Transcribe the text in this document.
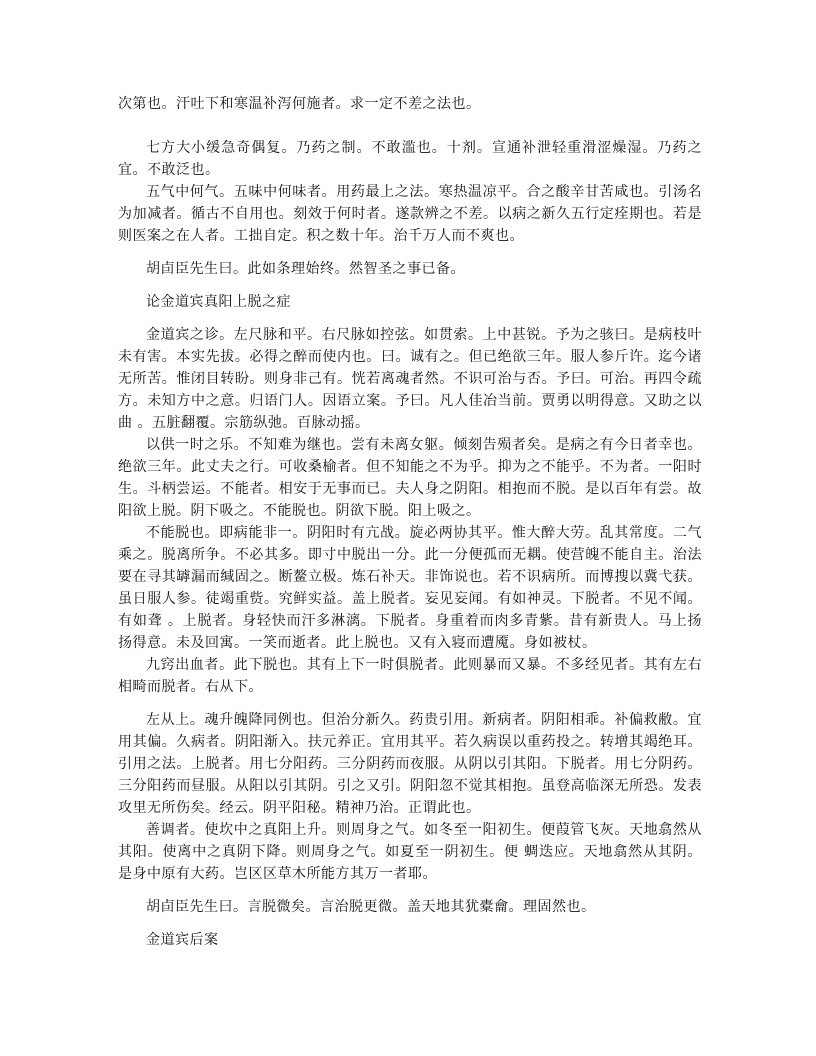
次第也。汗吐下和寒温补泻何施者。求一定不差之法也。

七方大小缓急奇偶复。乃药之制。不敢滥也。十剂。宣通补泄轻重滑涩燥湿。乃药之宜。不敢泛也。

五气中何气。五味中何味者。用药最上之法。寒热温凉平。合之酸辛甘苦咸也。引汤名为加减者。循古不自用也。刻效于何时者。遂款辨之不差。以病之新久五行定痊期也。若是则医案之在人者。工拙自定。积之数十年。治千万人而不爽也。

胡卣臣先生曰。此如条理始终。然智圣之事已备。

论金道宾真阳上脱之症

金道宾之诊。左尺脉和平。右尺脉如控弦。如贯索。上中甚锐。予为之骇曰。是病枝叶未有害。本实先拔。必得之醉而使内也。曰。诚有之。但已绝欲三年。服人参斤许。迄今诸无所苦。惟闭目转盼。则身非己有。恍若离魂者然。不识可治与否。予曰。可治。再四令疏方。未知方中之意。归语门人。因语立案。予曰。凡人佳冶当前。贾勇以明得意。又助之以曲 。五脏翻覆。宗筋纵弛。百脉动摇。

以供一时之乐。不知难为继也。尝有未离女躯。倾刻告殒者矣。是病之有今日者幸也。绝欲三年。此丈夫之行。可收桑榆者。但不知能之不为乎。抑为之不能乎。不为者。一阳时生。斗柄尝运。不能者。相安于无事而已。夫人身之阴阳。相抱而不脱。是以百年有尝。故阳欲上脱。阴下吸之。不能脱也。阴欲下脱。阳上吸之。

不能脱也。即病能非一。阴阳时有亢战。旋必两协其平。惟大醉大劳。乱其常度。二气乘之。脱离所争。不必其多。即寸中脱出一分。此一分便孤而无耦。使营魄不能自主。治法要在寻其罅漏而缄固之。断鳌立极。炼石补天。非饰说也。若不识病所。而博搜以冀弋获。虽日服人参。徒竭重赀。究鲜实益。盖上脱者。妄见妄闻。有如神灵。下脱者。不见不闻。有如聋 。上脱者。身轻快而汗多淋漓。下脱者。身重着而肉多青紫。昔有新贵人。马上扬扬得意。未及回寓。一笑而逝者。此上脱也。又有入寝而遭魇。身如被杖。

九窍出血者。此下脱也。其有上下一时俱脱者。此则暴而又暴。不多经见者。其有左右相畸而脱者。右从下。

左从上。魂升魄降同例也。但治分新久。药贵引用。新病者。阴阳相乖。补偏救敝。宜用其偏。久病者。阴阳渐入。扶元养正。宜用其平。若久病误以重药投之。转增其竭绝耳。引用之法。上脱者。用七分阳药。三分阴药而夜服。从阴以引其阳。下脱者。用七分阴药。三分阳药而昼服。从阳以引其阴。引之又引。阴阳忽不觉其相抱。虽登高临深无所恐。发表攻里无所伤矣。经云。阴平阳秘。精神乃治。正谓此也。

善调者。使坎中之真阳上升。则周身之气。如冬至一阳初生。便葭管飞灰。天地翕然从其阳。使离中之真阴下降。则周身之气。如夏至一阴初生。便 蜩迭应。天地翕然从其阴。是身中原有大药。岂区区草木所能方其万一者耶。

胡卣臣先生曰。言脱微矣。言治脱更微。盖天地其犹橐龠。理固然也。

金道宾后案
